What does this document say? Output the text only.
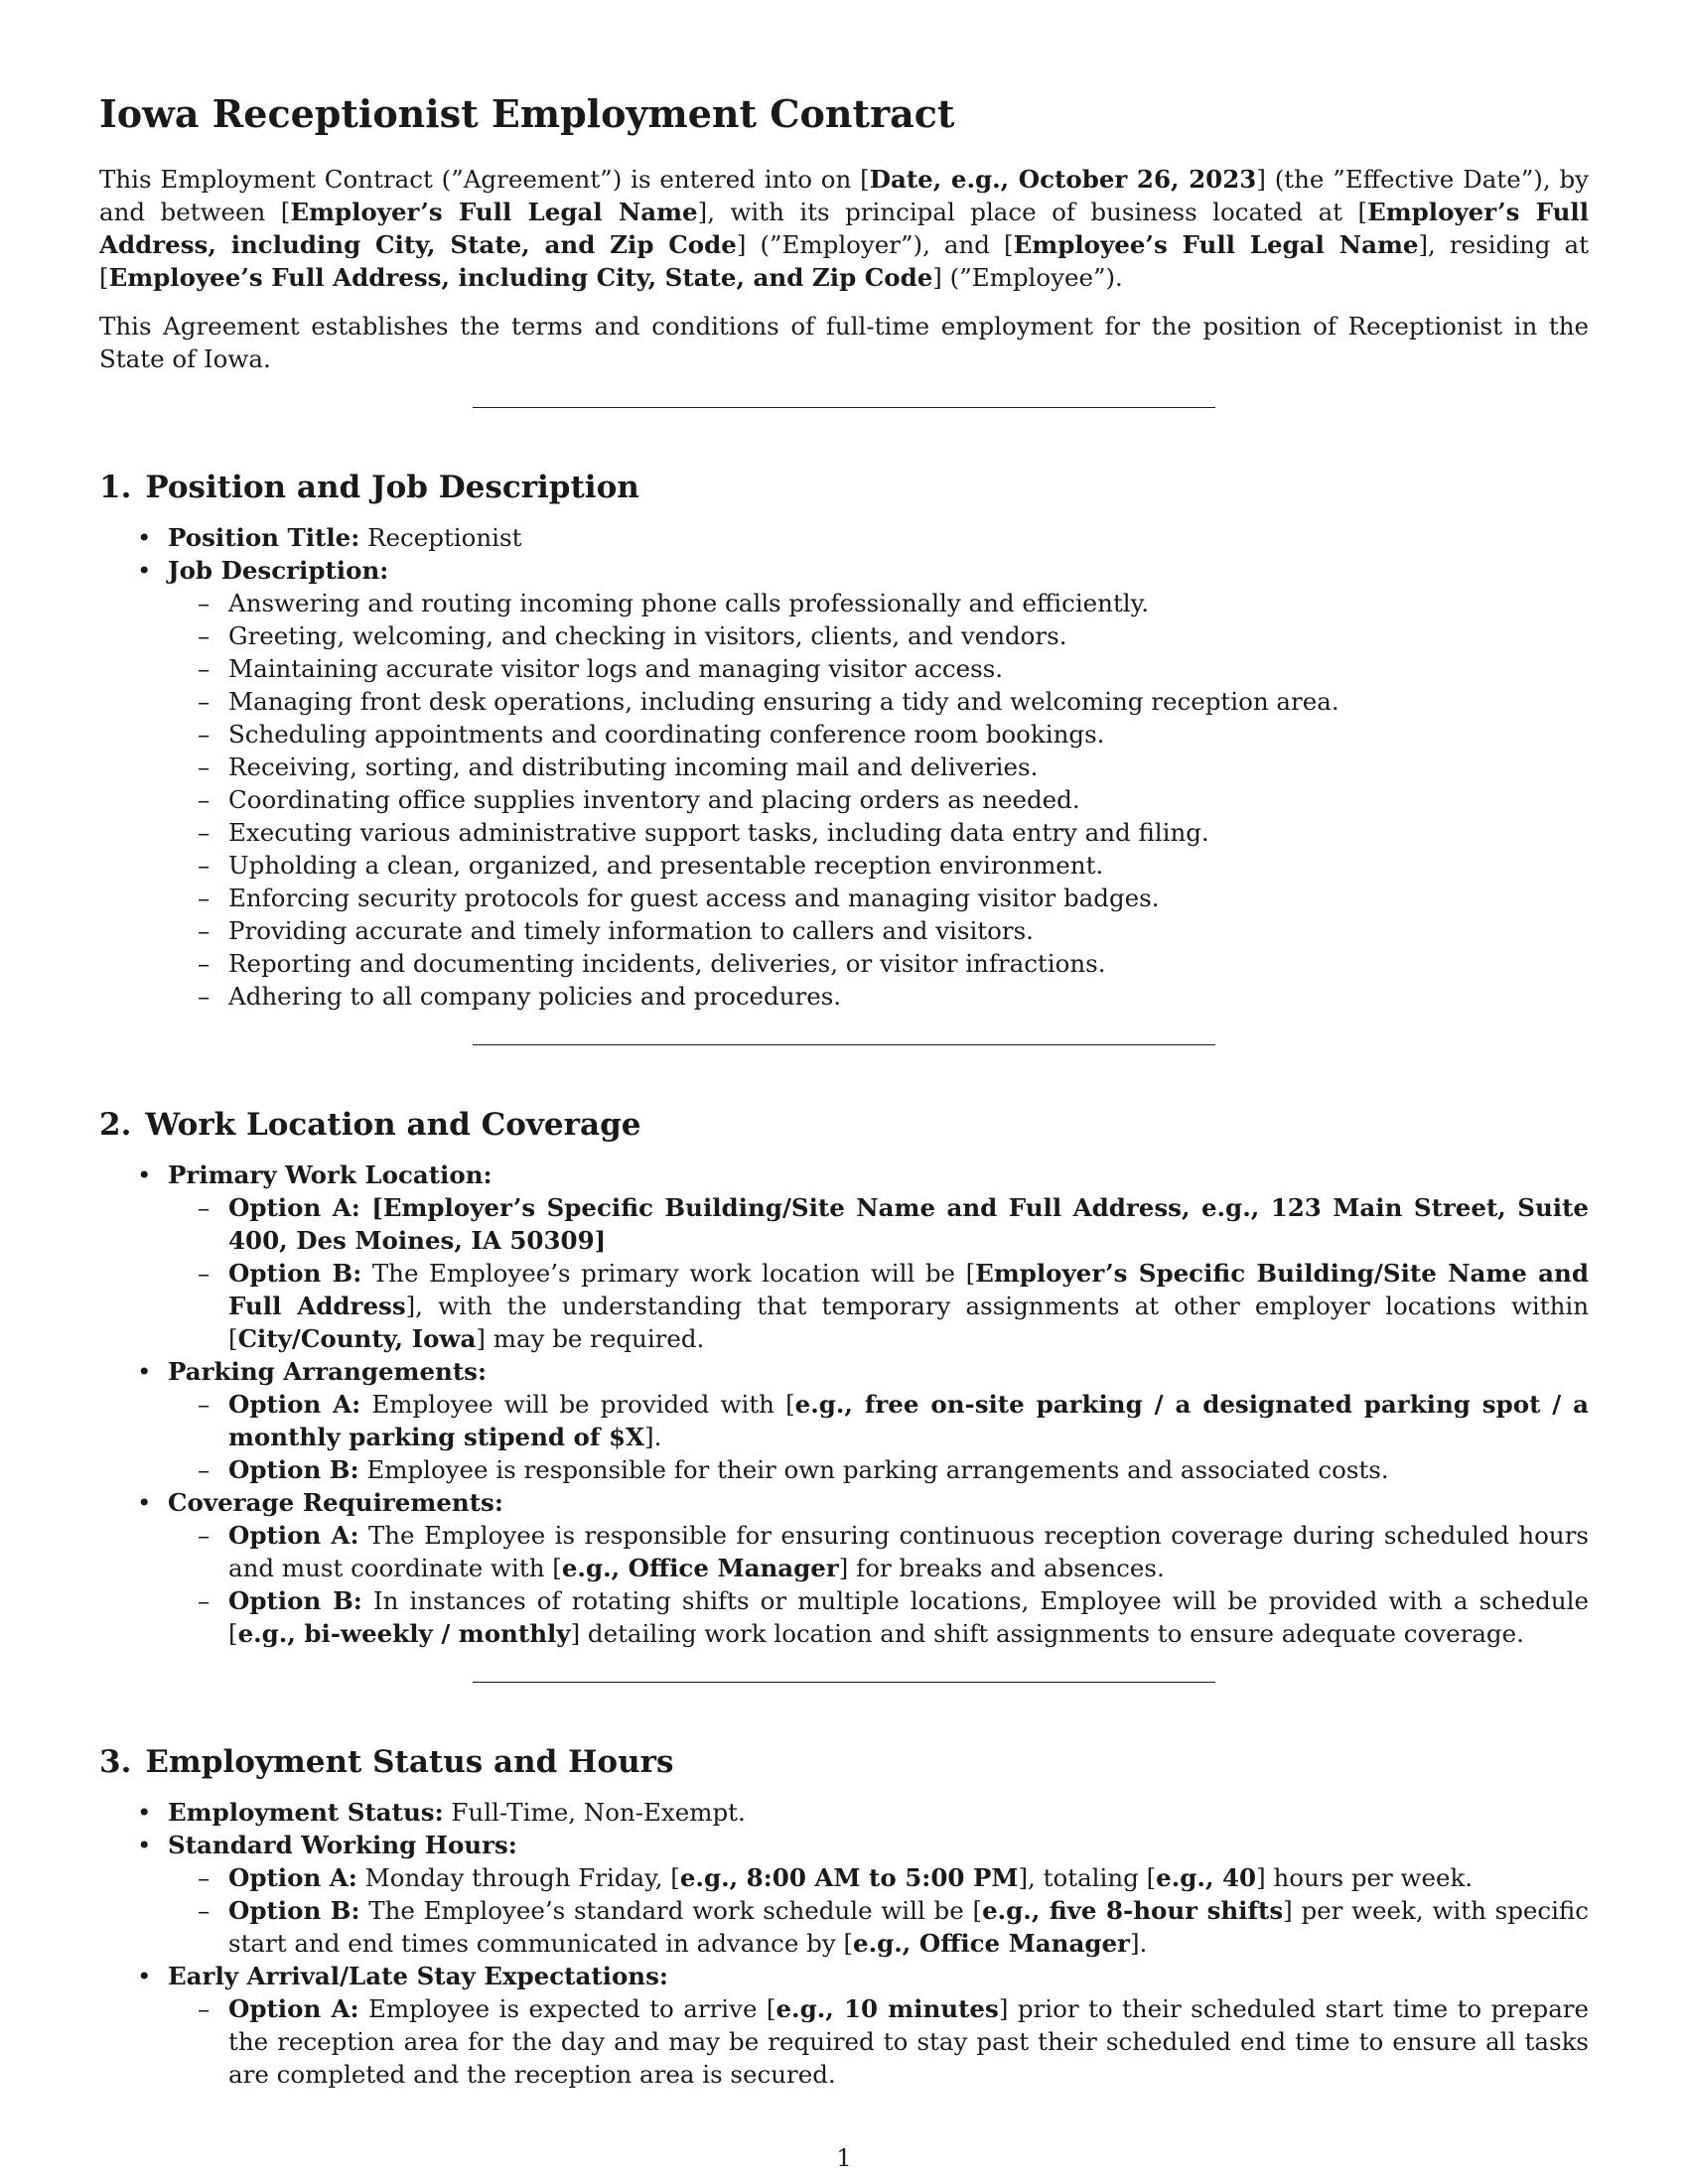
Iowa Receptionist Employment Contract

This Employment Contract (”Agreement”) is entered into on [Date, e.g., October 26, 2023] (the ”Effective Date”), by and between [Employer’s Full Legal Name], with its principal place of business located at [Employer’s Full Address, including City, State, and Zip Code] (”Employer”), and [Employee’s Full Legal Name], residing at [Employee’s Full Address, including City, State, and Zip Code] (”Employee”).

This Agreement establishes the terms and conditions of full-time employment for the position of Receptionist in the State of Iowa.

1. Position and Job Description
• Position Title: Receptionist
• Job Description:
– Answering and routing incoming phone calls professionally and efficiently.
– Greeting, welcoming, and checking in visitors, clients, and vendors.
– Maintaining accurate visitor logs and managing visitor access.
– Managing front desk operations, including ensuring a tidy and welcoming reception area.
– Scheduling appointments and coordinating conference room bookings.
– Receiving, sorting, and distributing incoming mail and deliveries.
– Coordinating office supplies inventory and placing orders as needed.
– Executing various administrative support tasks, including data entry and filing.
– Upholding a clean, organized, and presentable reception environment.
– Enforcing security protocols for guest access and managing visitor badges.
– Providing accurate and timely information to callers and visitors.
– Reporting and documenting incidents, deliveries, or visitor infractions.
– Adhering to all company policies and procedures.
2. Work Location and Coverage
• Primary Work Location:
– Option A: [Employer’s Specific Building/Site Name and Full Address, e.g., 123 Main Street, Suite 400, Des Moines, IA 50309]
– Option B: The Employee’s primary work location will be [Employer’s Specific Building/Site Name and Full Address], with the understanding that temporary assignments at other employer locations within [City/County, Iowa] may be required.
• Parking Arrangements:
– Option A: Employee will be provided with [e.g., free on-site parking / a designated parking spot / a monthly parking stipend of $X].
– Option B: Employee is responsible for their own parking arrangements and associated costs.
• Coverage Requirements:
– Option A: The Employee is responsible for ensuring continuous reception coverage during scheduled hours and must coordinate with [e.g., Office Manager] for breaks and absences.
– Option B: In instances of rotating shifts or multiple locations, Employee will be provided with a schedule [e.g., bi-weekly / monthly] detailing work location and shift assignments to ensure adequate coverage.
3. Employment Status and Hours
• Employment Status: Full-Time, Non-Exempt.
• Standard Working Hours:
– Option A: Monday through Friday, [e.g., 8:00 AM to 5:00 PM], totaling [e.g., 40] hours per week.
– Option B: The Employee’s standard work schedule will be [e.g., five 8-hour shifts] per week, with specific start and end times communicated in advance by [e.g., Office Manager].
• Early Arrival/Late Stay Expectations:
– Option A: Employee is expected to arrive [e.g., 10 minutes] prior to their scheduled start time to prepare the reception area for the day and may be required to stay past their scheduled end time to ensure all tasks are completed and the reception area is secured.
1
